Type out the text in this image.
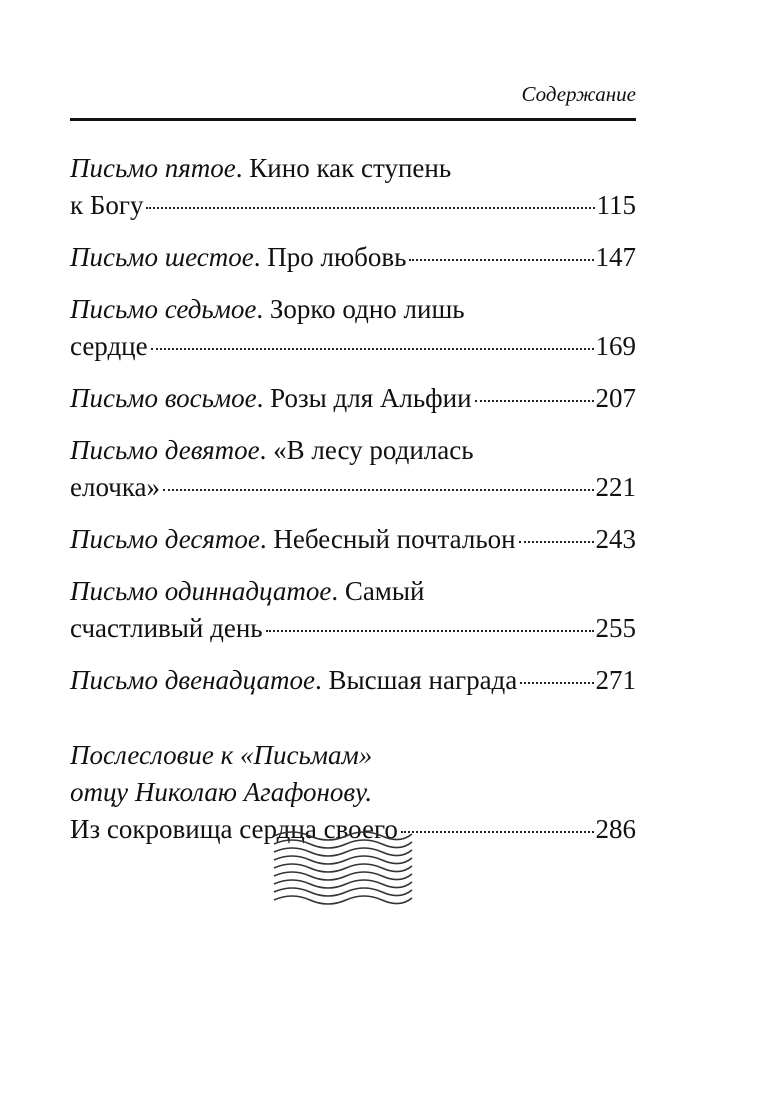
Содержание
Письмо пятое. Кино как ступень
к Богу	115
Письмо шестое. Про любовь	147
Письмо седьмое. Зорко одно лишь
сердце	169
Письмо восьмое. Розы для Альфии	207
Письмо девятое. «В лесу родилась
елочка»	221
Письмо десятое. Небесный почтальон	243
Письмо одиннадцатое. Самый
счастливый день	255
Письмо двенадцатое. Высшая награда	271
Послесловие к «Письмам»
отцу Николаю Агафонову.
Из сокровища сердца своего	286
